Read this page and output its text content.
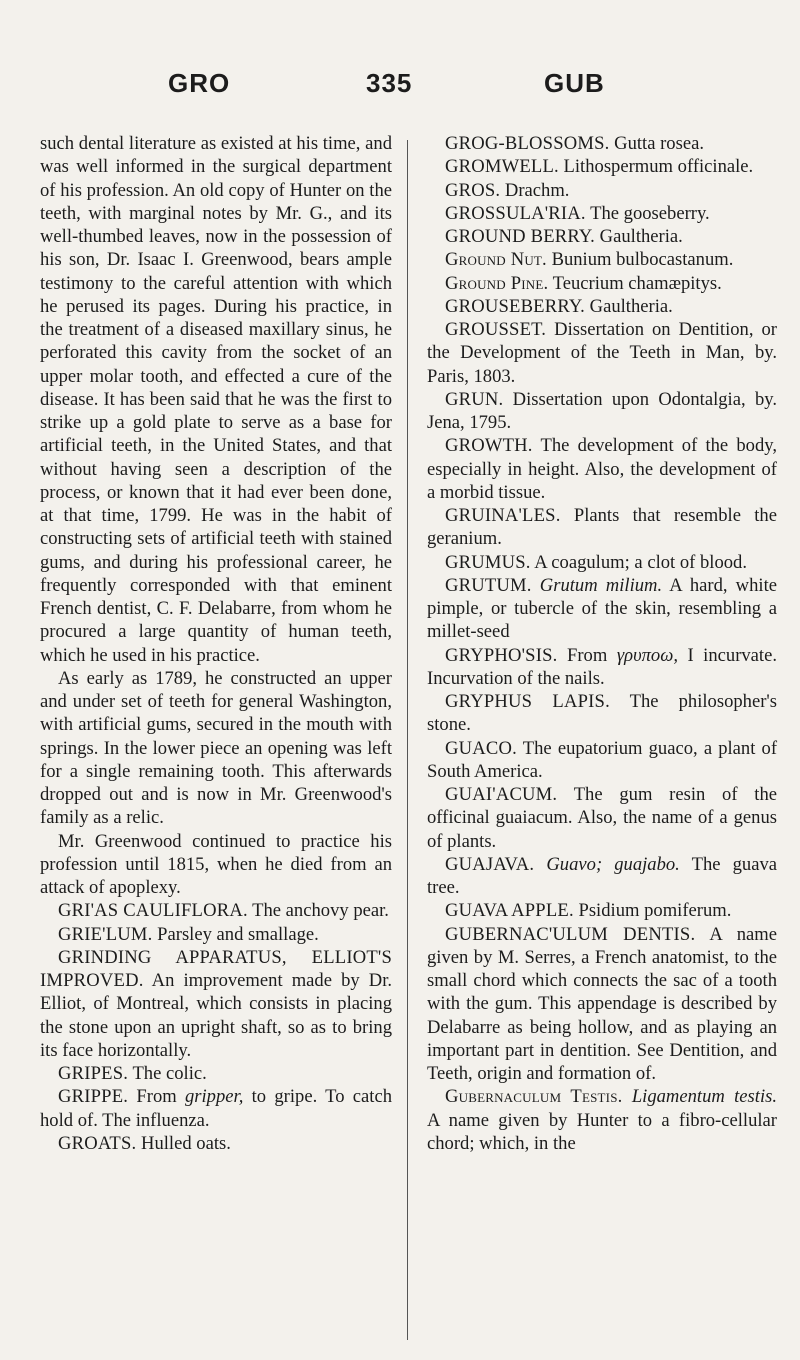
GRO	335	GUB

such dental literature as existed at his time, and was well informed in the surgical department of his profession. An old copy of Hunter on the teeth, with marginal notes by Mr. G., and its well-thumbed leaves, now in the possession of his son, Dr. Isaac I. Greenwood, bears ample testimony to the careful attention with which he perused its pages. During his practice, in the treatment of a diseased maxillary sinus, he perforated this cavity from the socket of an upper molar tooth, and effected a cure of the disease. It has been said that he was the first to strike up a gold plate to serve as a base for artificial teeth, in the United States, and that without having seen a description of the process, or known that it had ever been done, at that time, 1799. He was in the habit of constructing sets of artificial teeth with stained gums, and during his professional career, he frequently corresponded with that eminent French dentist, C. F. Delabarre, from whom he procured a large quantity of human teeth, which he used in his practice.

As early as 1789, he constructed an upper and under set of teeth for general Washington, with artificial gums, secured in the mouth with springs. In the lower piece an opening was left for a single remaining tooth. This afterwards dropped out and is now in Mr. Greenwood's family as a relic.

Mr. Greenwood continued to practice his profession until 1815, when he died from an attack of apoplexy.

GRI'AS CAULIFLORA. The anchovy pear.

GRIE'LUM. Parsley and smallage.

GRINDING APPARATUS, ELLIOT'S IMPROVED. An improvement made by Dr. Elliot, of Montreal, which consists in placing the stone upon an upright shaft, so as to bring its face horizontally.

GRIPES. The colic.

GRIPPE. From gripper, to gripe. To catch hold of. The influenza.

GROATS. Hulled oats.

GROG-BLOSSOMS. Gutta rosea.

GROMWELL. Lithospermum officinale.

GROS. Drachm.

GROSSULA'RIA. The gooseberry.

GROUND BERRY. Gaultheria.

Ground Nut. Bunium bulbocastanum.

Ground Pine. Teucrium chamæpitys.

GROUSEBERRY. Gaultheria.

GROUSSET. Dissertation on Dentition, or the Development of the Teeth in Man, by. Paris, 1803.

GRUN. Dissertation upon Odontalgia, by. Jena, 1795.

GROWTH. The development of the body, especially in height. Also, the development of a morbid tissue.

GRUINA'LES. Plants that resemble the geranium.

GRUMUS. A coagulum; a clot of blood.

GRUTUM. Grutum milium. A hard, white pimple, or tubercle of the skin, resembling a millet-seed

GRYPHO'SIS. From γρυπoω, I incurvate. Incurvation of the nails.

GRYPHUS LAPIS. The philosopher's stone.

GUACO. The eupatorium guaco, a plant of South America.

GUAI'ACUM. The gum resin of the officinal guaiacum. Also, the name of a genus of plants.

GUAJAVA. Guavo; guajabo. The guava tree.

GUAVA APPLE. Psidium pomiferum.

GUBERNAC'ULUM DENTIS. A name given by M. Serres, a French anatomist, to the small chord which connects the sac of a tooth with the gum. This appendage is described by Delabarre as being hollow, and as playing an important part in dentition. See Dentition, and Teeth, origin and formation of.

Gubernaculum Testis. Ligamentum testis. A name given by Hunter to a fibro-cellular chord; which, in the
